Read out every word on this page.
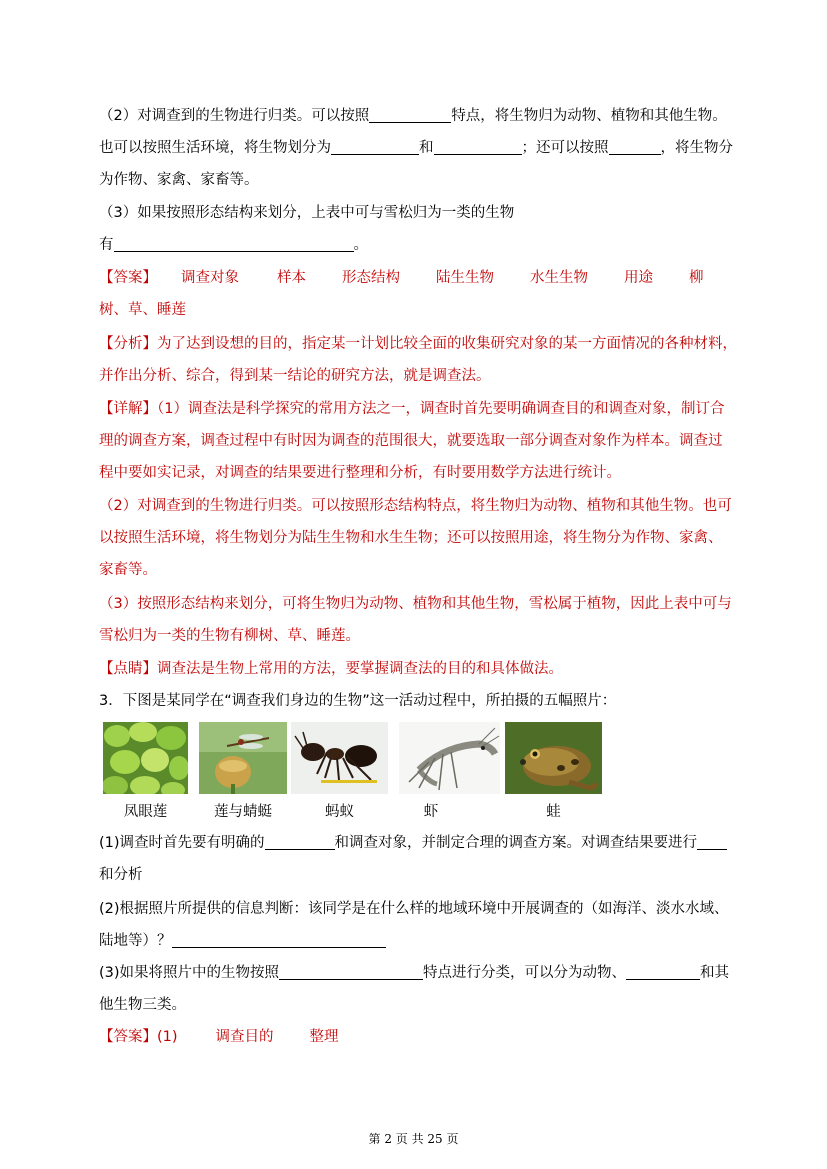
（2）对调查到的生物进行归类。可以按照	特点，将生物归为动物、植物和其他生物。
也可以按照生活环境，将生物划分为	和	；还可以按照	，将生物分
为作物、家禽、家畜等。
（3）如果按照形态结构来划分，上表中可与雪松归为一类的生物
有	。
【答案】 调查对象	样本 形态结构 陆生生物 水生生物 用途 柳
树、草、睡莲
【分析】为了达到设想的目的，指定某一计划比较全面的收集研究对象的某一方面情况的各种材料，
并作出分析、综合，得到某一结论的研究方法，就是调查法。
【详解】（1）调查法是科学探究的常用方法之一，调查时首先要明确调查目的和调查对象，制订合
理的调查方案，调查过程中有时因为调查的范围很大，就要选取一部分调查对象作为样本。调查过
程中要如实记录，对调查的结果要进行整理和分析，有时要用数学方法进行统计。
（2）对调查到的生物进行归类。可以按照形态结构特点，将生物归为动物、植物和其他生物。也可
以按照生活环境，将生物划分为陆生生物和水生生物；还可以按照用途，将生物分为作物、家禽、
家畜等。
（3）按照形态结构来划分，可将生物归为动物、植物和其他生物，雪松属于植物，因此上表中可与
雪松归为一类的生物有柳树、草、睡莲。
【点睛】调查法是生物上常用的方法，要掌握调查法的目的和具体做法。
3．下图是某同学在“调查我们身边的生物”这一活动过程中，所拍摄的五幅照片：
凤眼莲	莲与蜻蜓	蚂蚁	虾	蛙
(1)调查时首先要有明确的	和调查对象，并制定合理的调查方案。对调查结果要进行
和分析
(2)根据照片所提供的信息判断：该同学是在什么样的地域环境中开展调查的（如海洋、淡水水域、
陆地等）？
(3)如果将照片中的生物按照	特点进行分类，可以分为动物、	和其
他生物三类。
【答案】(1)	调查目的 整理
第 2 页 共 25 页
